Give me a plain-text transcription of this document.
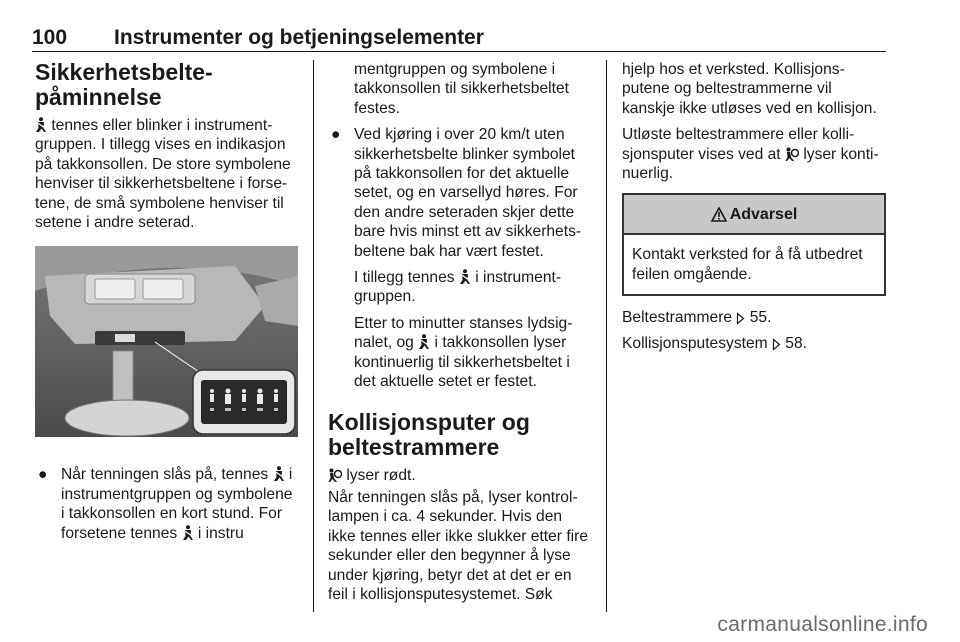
100 Instrumenter og betjeningselementer
Sikkerhetsbelte-
påminnelse

tennes eller blinker i instrumentgruppen. I tillegg vises en indikasjon på takkonsollen. De store symbolene henviser til sikkerhetsbeltene i forsetene, de små symbolene henviser til setene i andre seterad.

● Når tenningen slås på, tennes i instrumentgruppen og symbolene i takkonsollen en kort stund. For forsetene tennes i instru

mentgruppen og symbolene i takkonsollen til sikkerhetsbeltet festes.

● Ved kjøring i over 20 km/t uten sikkerhetsbelte blinker symbolet på takkonsollen for det aktuelle setet, og en varsellyd høres. For den andre seteraden skjer dette bare hvis minst ett av sikkerhetsbeltene bak har vært festet.

I tillegg tennes i instrumentgruppen.

Etter to minutter stanses lydsignalet, og i takkonsollen lyser kontinuerlig til sikkerhetsbeltet i det aktuelle setet er festet.

Kollisjonsputer og
beltestrammere

lyser rødt.

Når tenningen slås på, lyser kontrollampen i ca. 4 sekunder. Hvis den ikke tennes eller ikke slukker etter fire sekunder eller den begynner å lyse under kjøring, betyr det at det er en feil i kollisjonsputesystemet. Søk

hjelp hos et verksted. Kollisjonsputene og beltestrammerne vil kanskje ikke utløses ved en kollisjon.

Utløste beltestrammere eller kollisjonsputer vises ved at lyser kontinuerlig.

Advarsel
Kontakt verksted for å få utbedret feilen omgående.

Beltestrammere 55.

Kollisjonsputesystem 58.

carmanualsonline.info
